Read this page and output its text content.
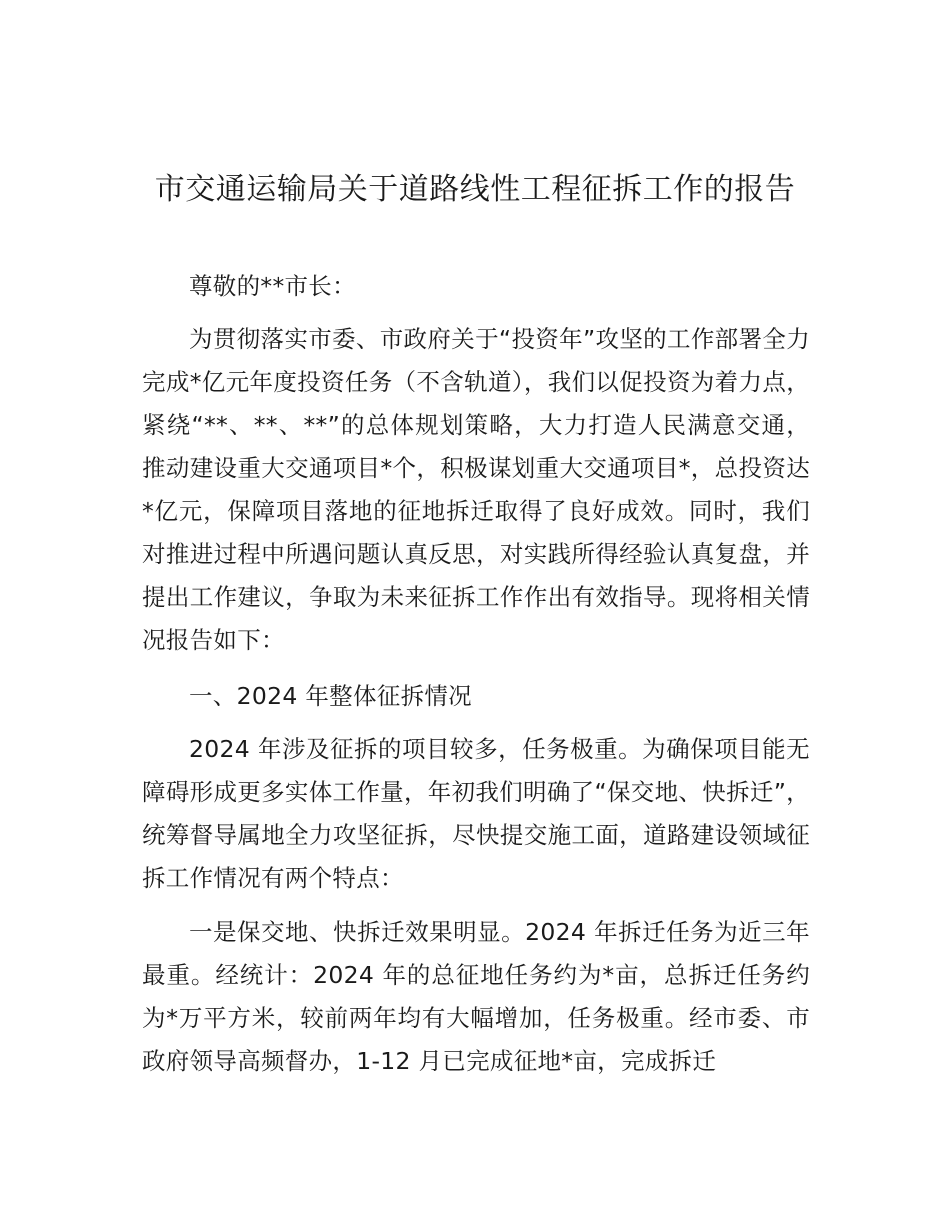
市交通运输局关于道路线性工程征拆工作的报告

尊敬的**市长：

为贯彻落实市委、市政府关于“投资年”攻坚的工作部署全力完成*亿元年度投资任务（不含轨道），我们以促投资为着力点，紧绕“**、**、**”的总体规划策略，大力打造人民满意交通，推动建设重大交通项目*个，积极谋划重大交通项目*，总投资达*亿元，保障项目落地的征地拆迁取得了良好成效。同时，我们对推进过程中所遇问题认真反思，对实践所得经验认真复盘，并提出工作建议，争取为未来征拆工作作出有效指导。现将相关情况报告如下：

一、2024 年整体征拆情况

2024 年涉及征拆的项目较多，任务极重。为确保项目能无障碍形成更多实体工作量，年初我们明确了“保交地、快拆迁”，统筹督导属地全力攻坚征拆，尽快提交施工面，道路建设领域征拆工作情况有两个特点：

一是保交地、快拆迁效果明显。2024 年拆迁任务为近三年最重。经统计：2024 年的总征地任务约为*亩，总拆迁任务约为*万平方米，较前两年均有大幅增加，任务极重。经市委、市政府领导高频督办，1-12 月已完成征地*亩，完成拆迁
